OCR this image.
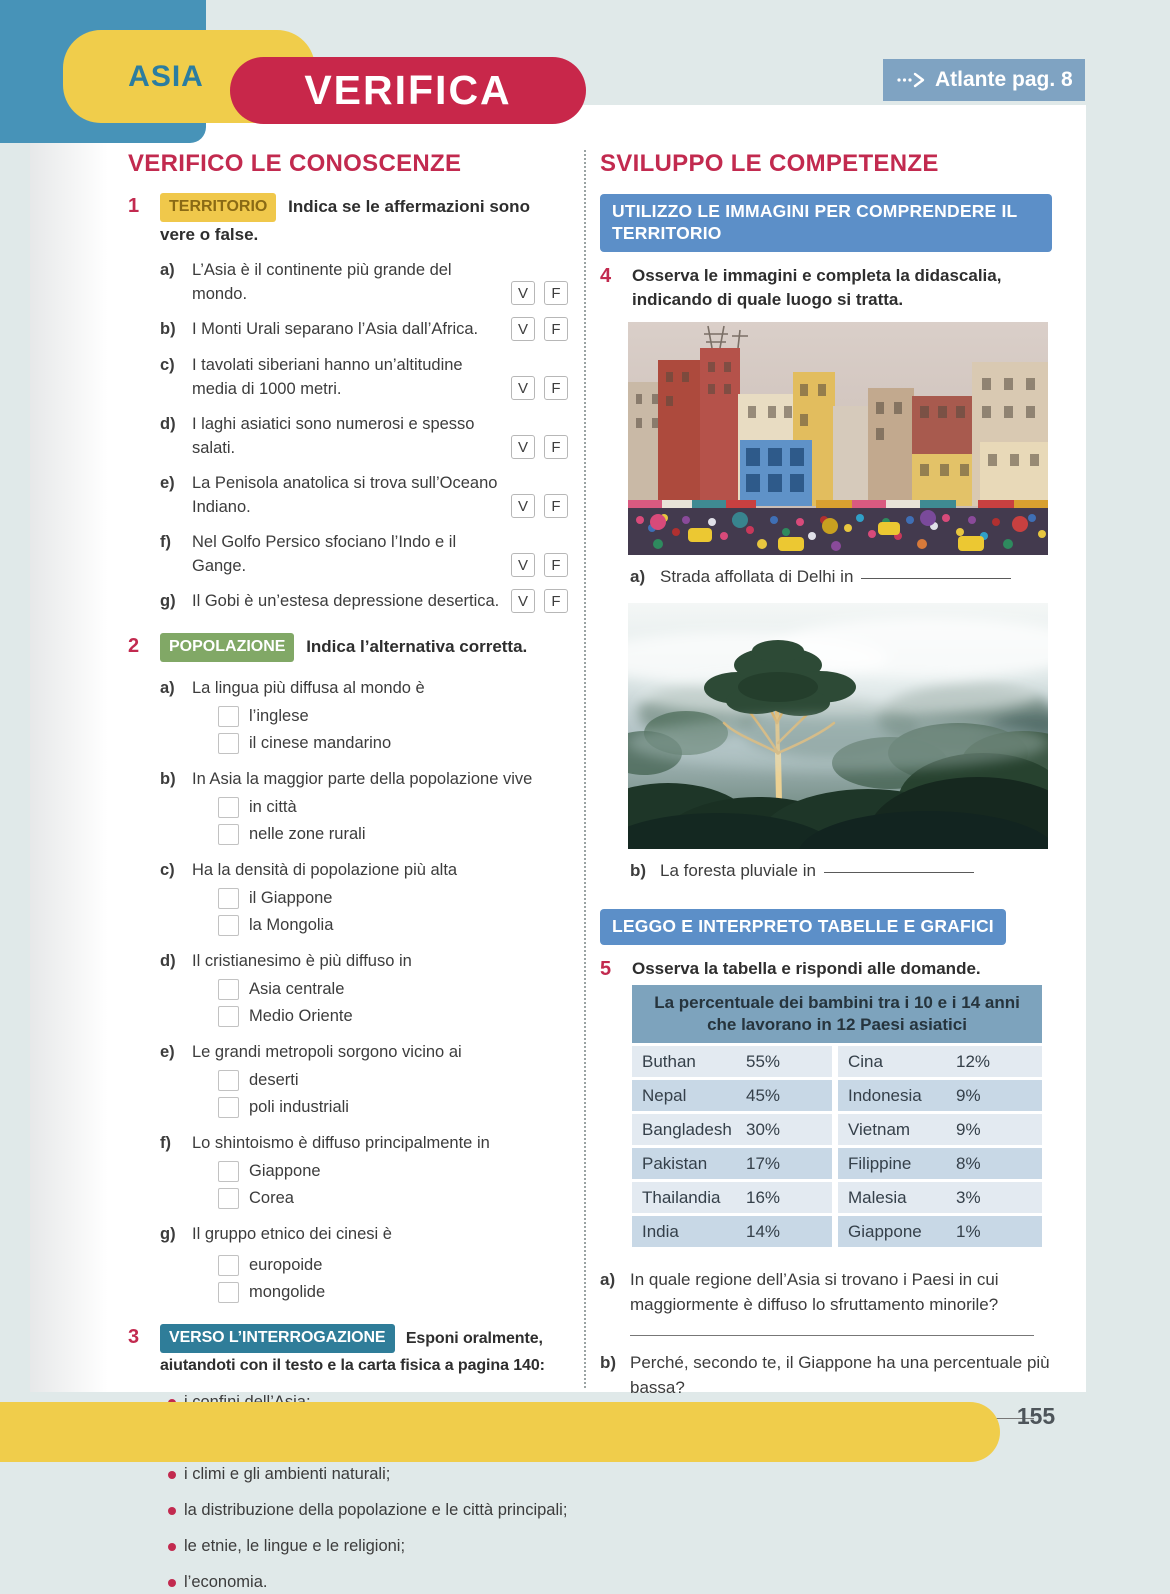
ASIA	VERIFICA	Atlante pag. 8
VERIFICO LE CONOSCENZE
1	TERRITORIO Indica se le affermazioni sono vere o false.
a)	L’Asia è il continente più grande del mondo.	V	F
b) I Monti Urali separano l’Asia dall’Africa.	V	F
c)	I tavolati siberiani hanno un’altitudine media di 1000 metri.	V	F
d) I laghi asiatici sono numerosi e spesso salati.	V	F
e)	La Penisola anatolica si trova sull’Oceano Indiano.	V	F
f)	Nel Golfo Persico sfociano l’Indo e il Gange.	V	F
g) Il Gobi è un’estesa depressione desertica.	V	F
2	POPOLAZIONE Indica l’alternativa corretta.
a)	La lingua più diffusa al mondo è
l’inglese
il cinese mandarino
b) In Asia la maggior parte della popolazione vive
in città
nelle zone rurali
c)	Ha la densità di popolazione più alta
il Giappone
la Mongolia
d) Il cristianesimo è più diffuso in
Asia centrale
Medio Oriente
e)	Le grandi metropoli sorgono vicino ai
deserti
poli industriali
f)	Lo shintoismo è diffuso principalmente in
Giappone
Corea
g) Il gruppo etnico dei cinesi è
europoide
mongolide
3	VERSO L’INTERROGAZIONE Esponi oralmente, aiutandoti con il testo e la carta fisica a pagina 140:
i climi e gli ambienti naturali;
la distribuzione della popolazione e le città principali;
le etnie, le lingue e le religioni;
l’economia.
SVILUPPO LE COMPETENZE
UTILIZZO LE IMMAGINI PER COMPRENDERE IL TERRITORIO
4	Osserva le immagini e completa la didascalia, indicando di quale luogo si tratta.
a) Strada affollata di Delhi in
b) La foresta pluviale in
LEGGO E INTERPRETO TABELLE E GRAFICI
5	Osserva la tabella e rispondi alle domande.
La percentuale dei bambini tra i 10 e i 14 anni che lavorano in 12 Paesi asiatici
Buthan	55%	Cina	12%
Nepal	45%	Indonesia	9%
Bangladesh 30%	Vietnam	9%
Pakistan	17%	Filippine	8%
Thailandia	16%	Malesia	3%
India	14%	Giappone	1%
a) In quale regione dell’Asia si trovano i Paesi in cui maggiormente è diffuso lo sfruttamento minorile?
b) Perché, secondo te, il Giappone ha una percentuale più bassa?
155
